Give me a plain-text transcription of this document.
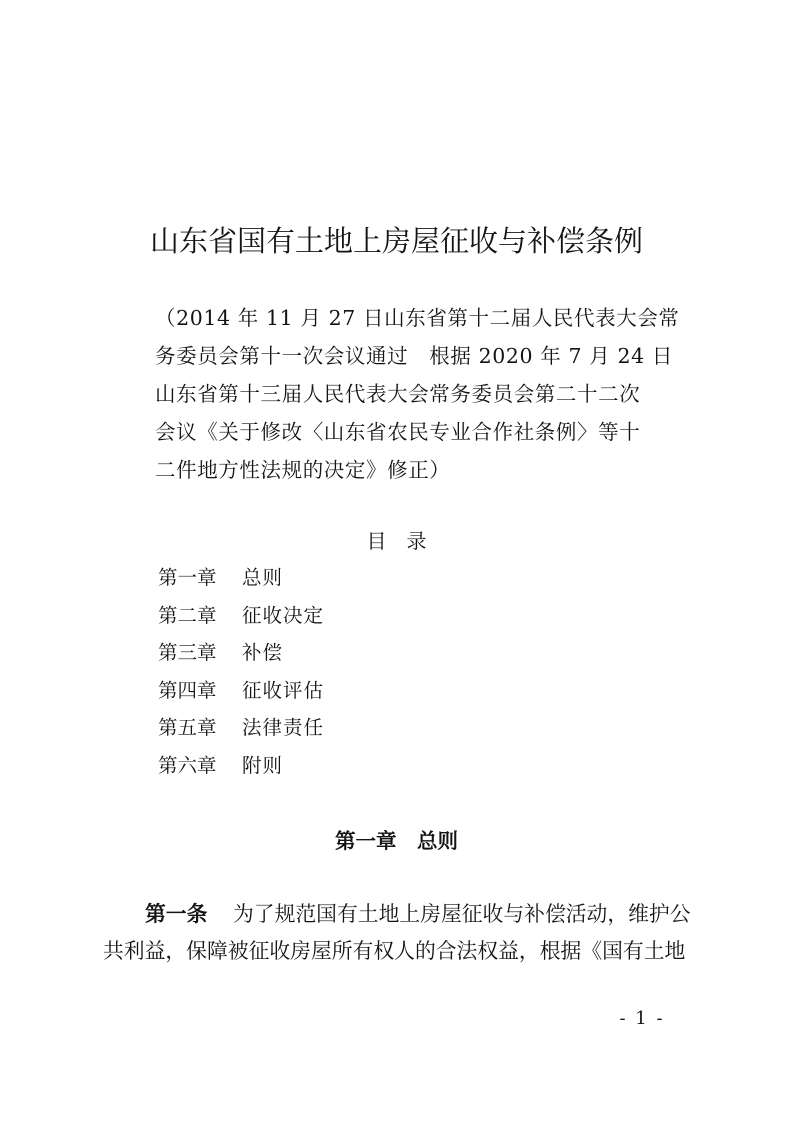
山东省国有土地上房屋征收与补偿条例
（2014 年 11 月 27 日山东省第十二届人民代表大会常
务委员会第十一次会议通过　根据 2020 年 7 月 24 日
山东省第十三届人民代表大会常务委员会第二十二次
会议《关于修改〈山东省农民专业合作社条例〉等十
二件地方性法规的决定》修正）
目　录
第一章 总则
第二章 征收决定
第三章 补偿
第四章 征收评估
第五章 法律责任
第六章 附则
第一章　总则
第一条 为了规范国有土地上房屋征收与补偿活动，维护公
共利益，保障被征收房屋所有权人的合法权益，根据《国有土地
- 1 -
